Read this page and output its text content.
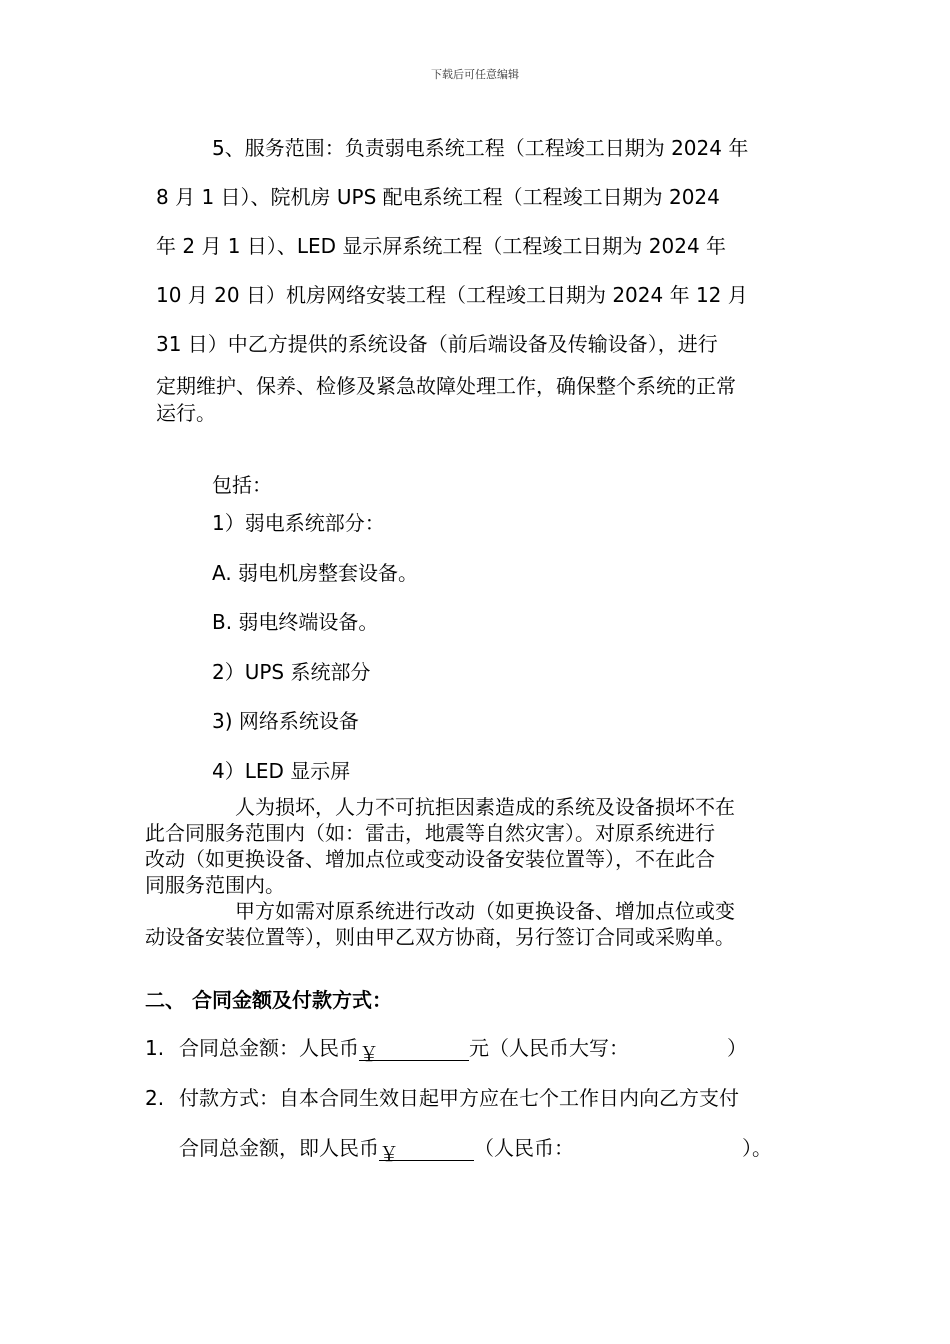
下载后可任意编辑
5、服务范围：负责弱电系统工程（工程竣工日期为 2024 年
8 月 1 日）、院机房 UPS 配电系统工程（工程竣工日期为 2024
年 2 月 1 日）、LED 显示屏系统工程（工程竣工日期为 2024 年
10 月 20 日）机房网络安装工程（工程竣工日期为 2024 年 12 月
31 日）中乙方提供的系统设备（前后端设备及传输设备），进行
定期维护、保养、检修及紧急故障处理工作，确保整个系统的正常
运行。
包括：
1）弱电系统部分：
A. 弱电机房整套设备。
B. 弱电终端设备。
2）UPS 系统部分
3) 网络系统设备
4）LED 显示屏
人为损坏，人力不可抗拒因素造成的系统及设备损坏不在
此合同服务范围内（如：雷击，地震等自然灾害）。对原系统进行
改动（如更换设备、增加点位或变动设备安装位置等），不在此合
同服务范围内。
甲方如需对原系统进行改动（如更换设备、增加点位或变
动设备安装位置等），则由甲乙双方协商，另行签订合同或采购单。
二、 合同金额及付款方式：
1. 合同总金额：人民币￥	元（人民币大写：	）
2. 付款方式：自本合同生效日起甲方应在七个工作日内向乙方支付
合同总金额，即人民币￥	（人民币：	）。
